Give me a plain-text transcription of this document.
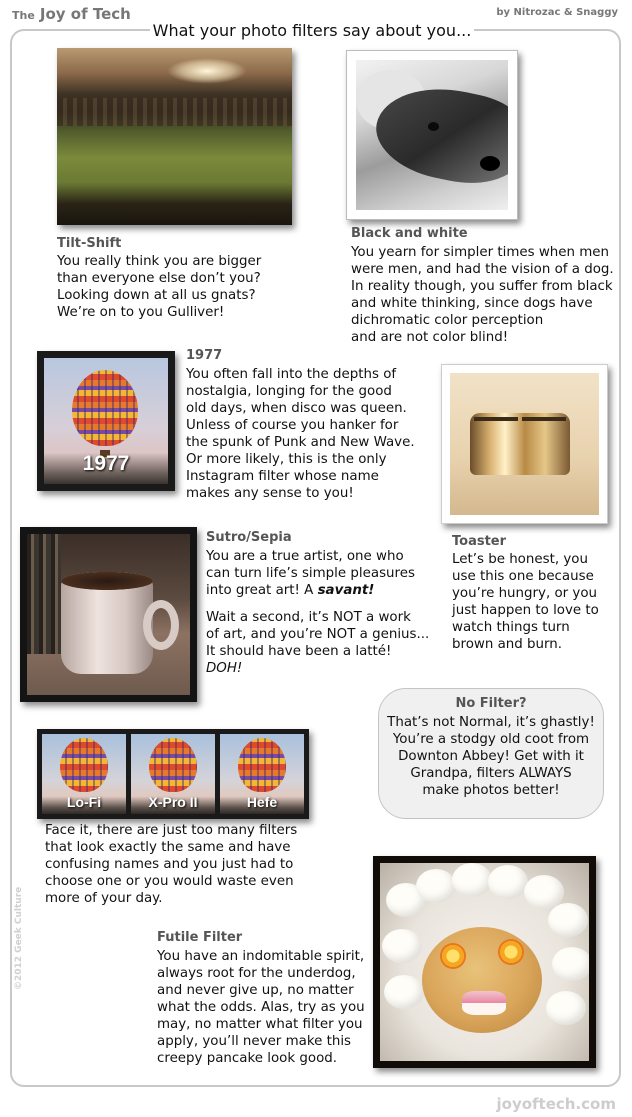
The Joy of Tech	by Nitrozac & Snaggy
What your photo filters say about you...
Tilt-Shift
You really think you are bigger
than everyone else don’t you?
Looking down at all us gnats?
We’re on to you Gulliver!
Black and white
You yearn for simpler times when men
were men, and had the vision of a dog.
In reality though, you suffer from black
and white thinking, since dogs have
dichromatic color perception
and are not color blind!
1977
1977
You often fall into the depths of
nostalgia, longing for the good
old days, when disco was queen.
Unless of course you hanker for
the spunk of Punk and New Wave.
Or more likely, this is the only
Instagram filter whose name
makes any sense to you!
Toaster
Let’s be honest, you
use this one because
you’re hungry, or you
just happen to love to
watch things turn
brown and burn.
Sutro/Sepia
You are a true artist, one who
can turn life’s simple pleasures
into great art! A savant!
Wait a second, it’s NOT a work
of art, and you’re NOT a genius...
It should have been a latté!
DOH!
No Filter?
That’s not Normal, it’s ghastly!
You’re a stodgy old coot from
Downton Abbey! Get with it
Grandpa, filters ALWAYS
make photos better!
Lo-Fi	X-Pro II	Hefe
Face it, there are just too many filters
that look exactly the same and have
confusing names and you just had to
choose one or you would waste even
more of your day.
Futile Filter
You have an indomitable spirit,
always root for the underdog,
and never give up, no matter
what the odds. Alas, try as you
may, no matter what filter you
apply, you’ll never make this
creepy pancake look good.
©2012 Geek Culture
joyoftech.com
